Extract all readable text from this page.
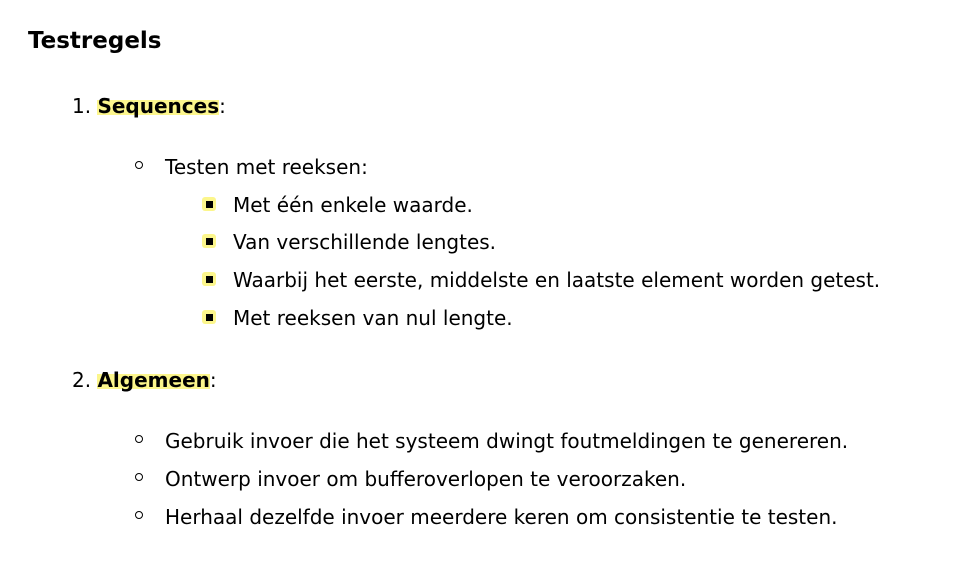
Testregels
1. Sequences:
Testen met reeksen:
Met één enkele waarde.
Van verschillende lengtes.
Waarbij het eerste, middelste en laatste element worden getest.
Met reeksen van nul lengte.
2. Algemeen:
Gebruik invoer die het systeem dwingt foutmeldingen te genereren.
Ontwerp invoer om bufferoverlopen te veroorzaken.
Herhaal dezelfde invoer meerdere keren om consistentie te testen.
